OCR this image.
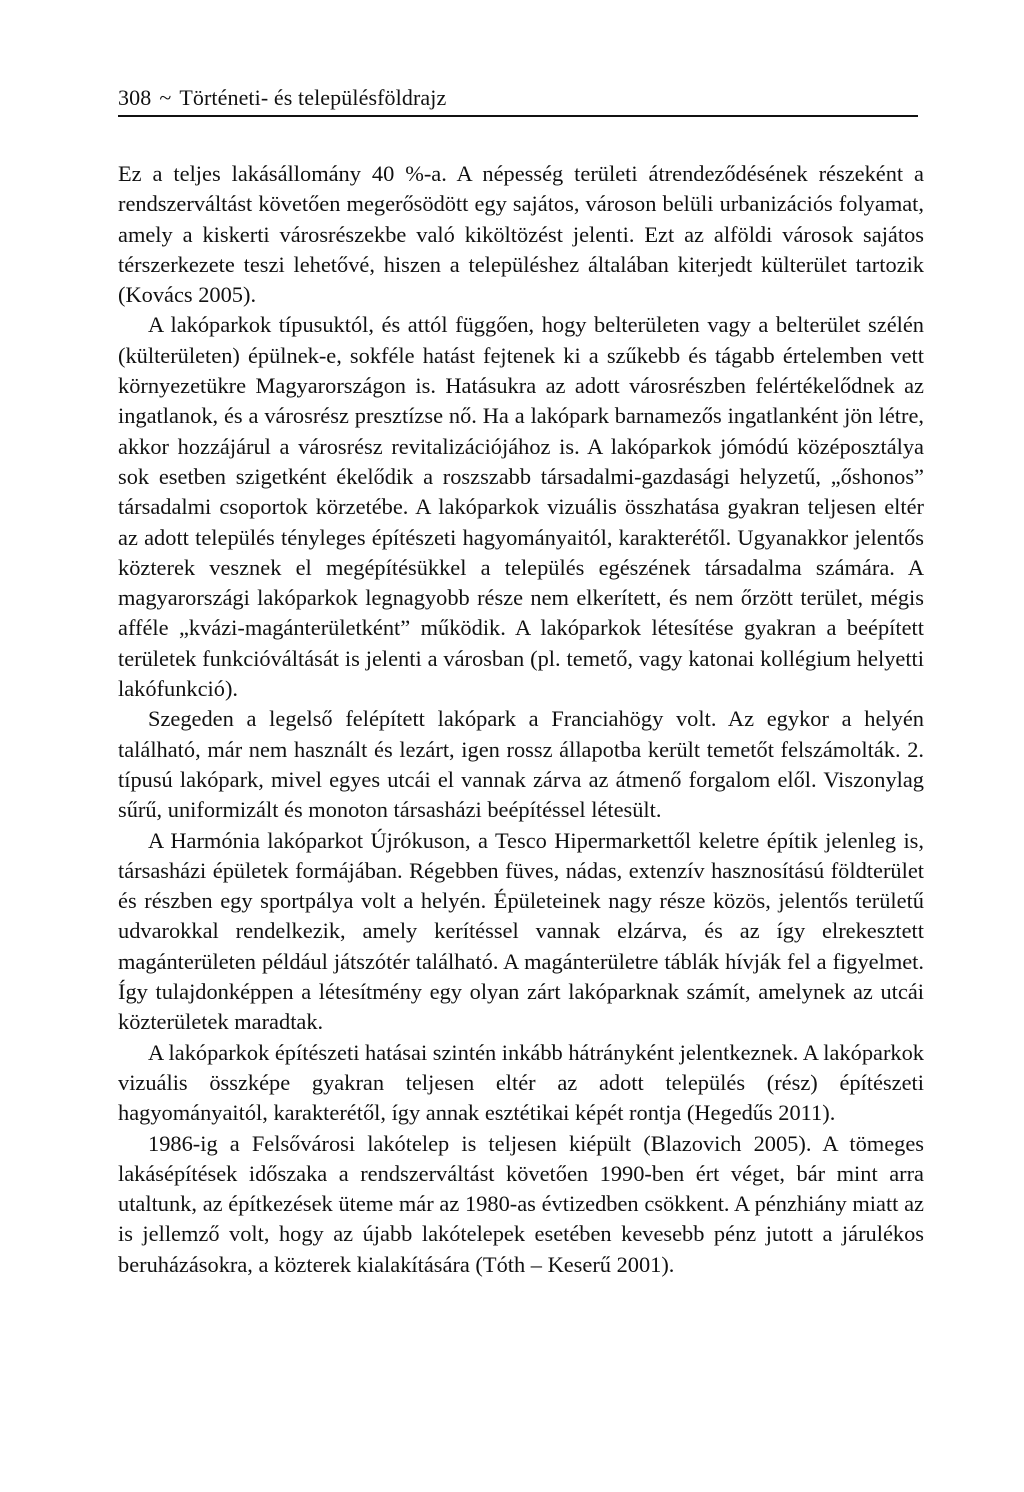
308 ~ Történeti- és településföldrajz

Ez a teljes lakásállomány 40 %-a. A népesség területi átrendeződésének részeként a rendszerváltást követően megerősödött egy sajátos, városon belüli urbanizációs folyamat, amely a kiskerti városrészekbe való kiköltözést jelenti. Ezt az alföldi városok sajátos térszerkezete teszi lehetővé, hiszen a településhez általában kiterjedt külterület tartozik (Kovács 2005).

A lakóparkok típusuktól, és attól függően, hogy belterületen vagy a belterület szélén (külterületen) épülnek-e, sokféle hatást fejtenek ki a szűkebb és tágabb értelemben vett környezetükre Magyarországon is. Hatásukra az adott városrészben felértékelődnek az ingatlanok, és a városrész presztízse nő. Ha a lakópark barnamezős ingatlanként jön létre, akkor hozzájárul a városrész revitalizációjához is. A lakóparkok jómódú középosztálya sok esetben szigetként ékelődik a roszszabb társadalmi-gazdasági helyzetű, „őshonos” társadalmi csoportok körzetébe. A lakóparkok vizuális összhatása gyakran teljesen eltér az adott település tényleges építészeti hagyományaitól, karakterétől. Ugyanakkor jelentős közterek vesznek el megépítésükkel a település egészének társadalma számára. A magyarországi lakóparkok legnagyobb része nem elkerített, és nem őrzött terület, mégis afféle „kvázi-magánterületként” működik. A lakóparkok létesítése gyakran a beépített területek funkcióváltását is jelenti a városban (pl. temető, vagy katonai kollégium helyetti lakófunkció).

Szegeden a legelső felépített lakópark a Franciahögy volt. Az egykor a helyén található, már nem használt és lezárt, igen rossz állapotba került temetőt felszámolták. 2. típusú lakópark, mivel egyes utcái el vannak zárva az átmenő forgalom elől. Viszonylag sűrű, uniformizált és monoton társasházi beépítéssel létesült.

A Harmónia lakóparkot Újrókuson, a Tesco Hipermarkettől keletre építik jelenleg is, társasházi épületek formájában. Régebben füves, nádas, extenzív hasznosítású földterület és részben egy sportpálya volt a helyén. Épületeinek nagy része közös, jelentős területű udvarokkal rendelkezik, amely kerítéssel vannak elzárva, és az így elrekesztett magánterületen például játszótér található. A magánterületre táblák hívják fel a figyelmet. Így tulajdonképpen a létesítmény egy olyan zárt lakóparknak számít, amelynek az utcái közterületek maradtak.

A lakóparkok építészeti hatásai szintén inkább hátrányként jelentkeznek. A lakóparkok vizuális összképe gyakran teljesen eltér az adott település (rész) építészeti hagyományaitól, karakterétől, így annak esztétikai képét rontja (Hegedűs 2011).

1986-ig a Felsővárosi lakótelep is teljesen kiépült (Blazovich 2005). A tömeges lakásépítések időszaka a rendszerváltást követően 1990-ben ért véget, bár mint arra utaltunk, az építkezések üteme már az 1980-as évtizedben csökkent. A pénzhiány miatt az is jellemző volt, hogy az újabb lakótelepek esetében kevesebb pénz jutott a járulékos beruházásokra, a közterek kialakítására (Tóth – Keserű 2001).
